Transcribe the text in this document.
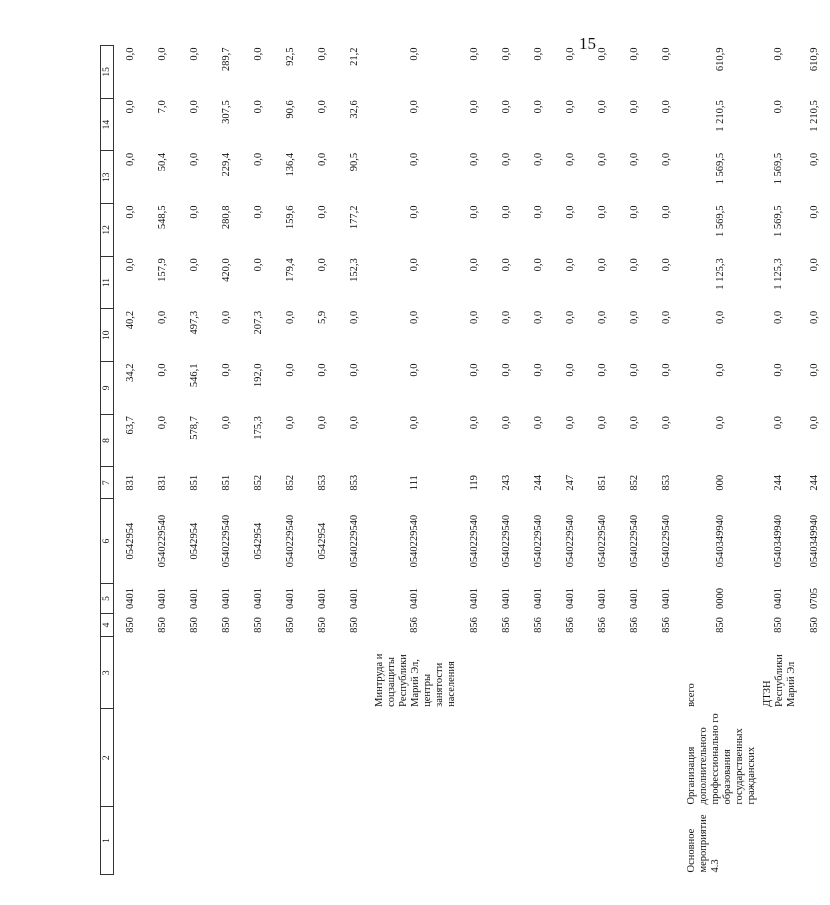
15
1	2	3	4	5	6	7	8	9	10	11	12	13	14	15
			850	0401	0542954	831	63,7	34,2	40,2	0,0	0,0	0,0	0,0	0,0
			850	0401	0540229540	831	0,0	0,0	0,0	157,9	548,5	50,4	7,0	0,0
			850	0401	0542954	851	578,7	546,1	497,3	0,0	0,0	0,0	0,0	0,0
			850	0401	0540229540	851	0,0	0,0	0,0	420,0	280,8	229,4	307,5	289,7
			850	0401	0542954	852	175,3	192,0	207,3	0,0	0,0	0,0	0,0	0,0
			850	0401	0540229540	852	0,0	0,0	0,0	179,4	159,6	136,4	90,6	92,5
			850	0401	0542954	853	0,0	0,0	5,9	0,0	0,0	0,0	0,0	0,0
			850	0401	0540229540	853	0,0	0,0	0,0	152,3	177,2	90,5	32,6	21,2
		Минтруда и соцзащиты Республики Марий Эл, центры занятости населения	856	0401	0540229540	111	0,0	0,0	0,0	0,0	0,0	0,0	0,0	0,0
			856	0401	0540229540	119	0,0	0,0	0,0	0,0	0,0	0,0	0,0	0,0
			856	0401	0540229540	243	0,0	0,0	0,0	0,0	0,0	0,0	0,0	0,0
			856	0401	0540229540	244	0,0	0,0	0,0	0,0	0,0	0,0	0,0	0,0
			856	0401	0540229540	247	0,0	0,0	0,0	0,0	0,0	0,0	0,0	0,0
			856	0401	0540229540	851	0,0	0,0	0,0	0,0	0,0	0,0	0,0	0,0
			856	0401	0540229540	852	0,0	0,0	0,0	0,0	0,0	0,0	0,0	0,0
			856	0401	0540229540	853	0,0	0,0	0,0	0,0	0,0	0,0	0,0	0,0
Основное мероприятие 4.3	Организация дополнительного профессионально го образования государственных гражданских	всего	850	0000	0540349940	000	0,0	0,0	0,0	1 125,3	1 569,5	1 569,5	1 210,5	610,9
		ДТЗН Республики Марий Эл	850	0401	0540349940	244	0,0	0,0	0,0	1 125,3	1 569,5	1 569,5	0,0	0,0
			850	0705	0540349940	244	0,0	0,0	0,0	0,0	0,0	0,0	1 210,5	610,9
